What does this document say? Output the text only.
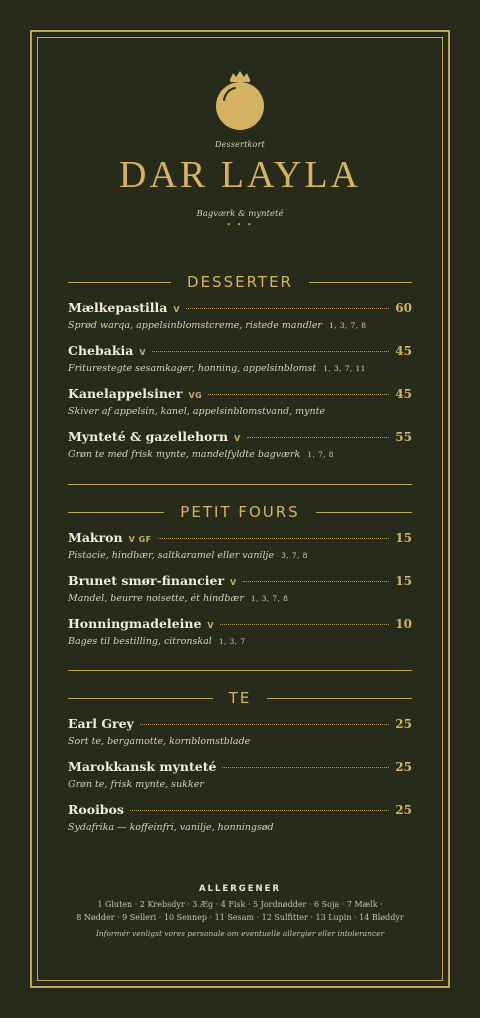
Dessertkort
DAR LAYLA
Bagværk & mynteté
• • •
DESSERTER
Mælkepastilla V	60
Sprød warqa, appelsinblomstcreme, ristede mandler 1, 3, 7, 8
Chebakia V	45
Friturestegte sesamkager, honning, appelsinblomst 1, 3, 7, 11
Kanelappelsiner VG	45
Skiver af appelsin, kanel, appelsinblomstvand, mynte
Mynteté & gazellehorn V	55
Grøn te med frisk mynte, mandelfyldte bagværk 1, 7, 8
PETIT FOURS
Makron V GF	15
Pistacie, hindbær, saltkaramel eller vanilje 3, 7, 8
Brunet smør-financier V	15
Mandel, beurre noisette, ét hindbær 1, 3, 7, 8
Honningmadeleine V	10
Bages til bestilling, citronskal 1, 3, 7
TE
Earl Grey	25
Sort te, bergamotte, kornblomstblade
Marokkansk mynteté	25
Grøn te, frisk mynte, sukker
Rooibos	25
Sydafrika — koffeinfri, vanilje, honningsød
ALLERGENER
1 Gluten · 2 Krebsdyr · 3 Æg · 4 Fisk · 5 Jordnødder · 6 Soja · 7 Mælk ·
8 Nødder · 9 Selleri · 10 Sennep · 11 Sesam · 12 Sulfitter · 13 Lupin · 14 Bløddyr
Informér venligst vores personale om eventuelle allergier eller intolerancer
